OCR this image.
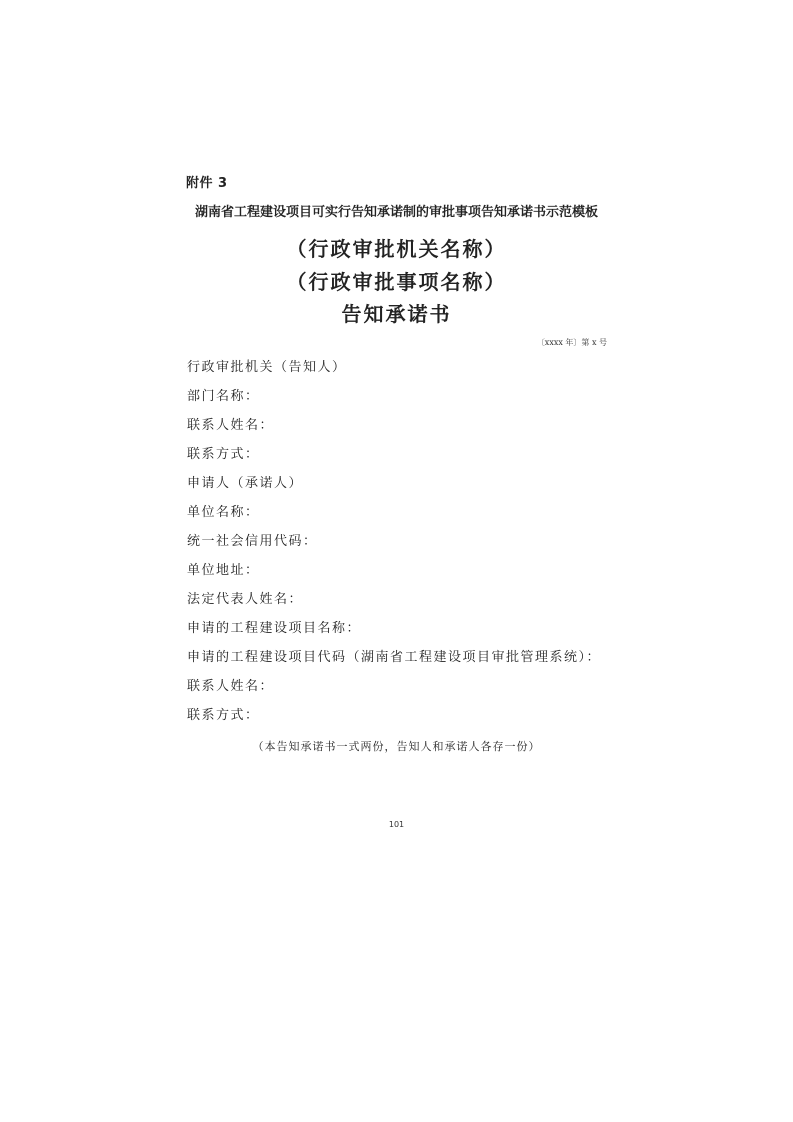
附件 3
湖南省工程建设项目可实行告知承诺制的审批事项告知承诺书示范模板
（行政审批机关名称）
（行政审批事项名称）
告知承诺书
〔xxxx 年〕第 x 号
行政审批机关（告知人）
部门名称：
联系人姓名：
联系方式：
申请人（承诺人）
单位名称：
统一社会信用代码：
单位地址：
法定代表人姓名：
申请的工程建设项目名称：
申请的工程建设项目代码（湖南省工程建设项目审批管理系统）：
联系人姓名：
联系方式：
（本告知承诺书一式两份，告知人和承诺人各存一份）
101
